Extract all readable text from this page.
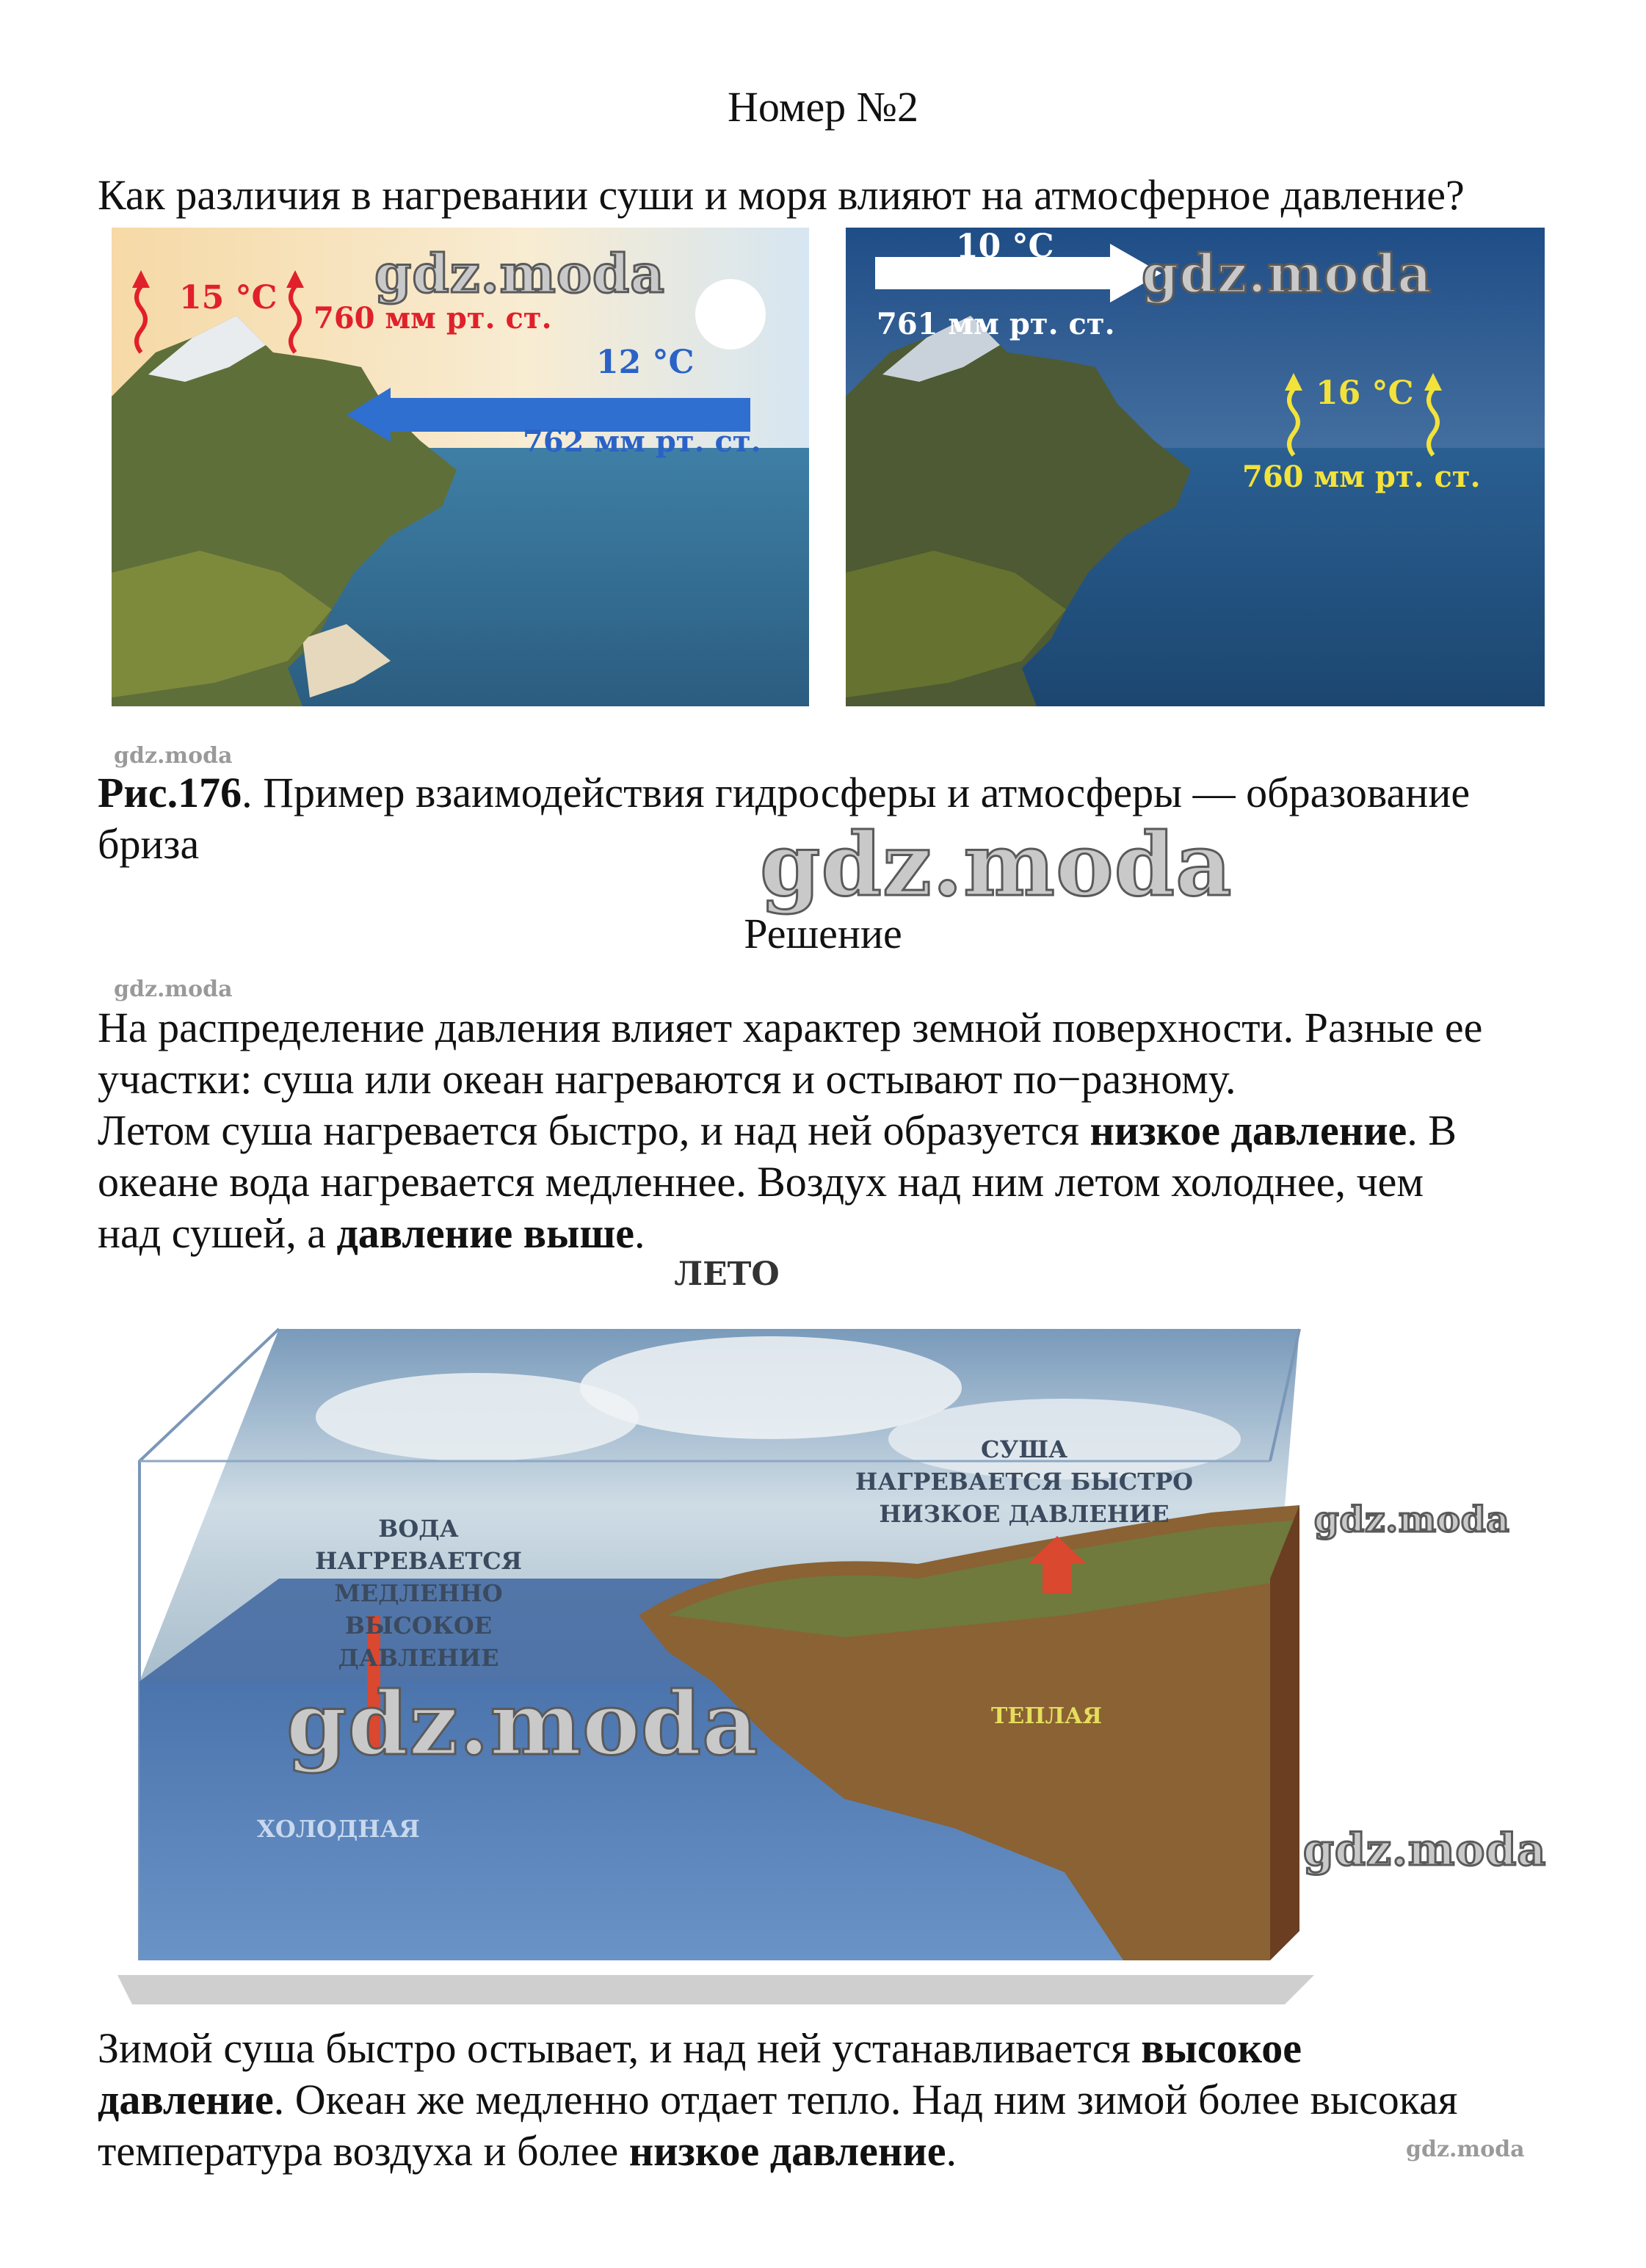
Номер №2
Как различия в нагревании суши и моря влияют на атмосферное давление?
15 °C
760 мм рт. ст.
12 °C
762 мм рт. ст.
10 °C
761 мм рт. ст.
16 °C
760 мм рт. ст.
gdz.moda	gdz.moda
gdz.moda
Рис.176. Пример взаимодействия гидросферы и атмосферы — образование
бриза	gdz.moda
Решение
gdz.moda
На распределение давления влияет характер земной поверхности. Разные ее
участки: суша или океан нагреваются и остывают по−разному.
Летом суша нагревается быстро, и над ней образуется низкое давление. В
океане вода нагревается медленнее. Воздух над ним летом холоднее, чем
над сушей, а давление выше.
ЛЕТО
ВОДА
НАГРЕВАЕТСЯ МЕДЛЕННО
ВЫСОКОЕ ДАВЛЕНИЕ
СУША
НАГРЕВАЕТСЯ БЫСТРО
НИЗКОЕ ДАВЛЕНИЕ
ТЕПЛАЯ
ХОЛОДНАЯ
gdz.moda
gdz.moda
gdz.moda
Зимой суша быстро остывает, и над ней устанавливается высокое
давление. Океан же медленно отдает тепло. Над ним зимой более высокая
температура воздуха и более низкое давление.	gdz.moda
